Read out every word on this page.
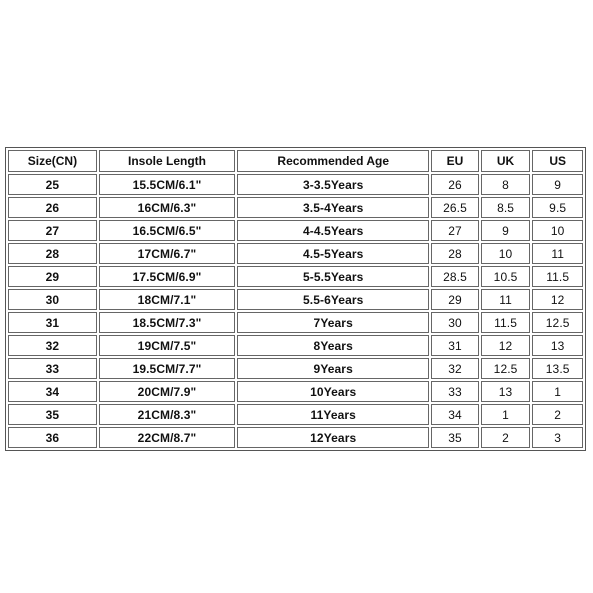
Size(CN)	Insole Length	Recommended Age	EU	UK	US
25	15.5CM/6.1"	3-3.5Years	26	8	9
26	16CM/6.3"	3.5-4Years	26.5	8.5	9.5
27	16.5CM/6.5"	4-4.5Years	27	9	10
28	17CM/6.7"	4.5-5Years	28	10	11
29	17.5CM/6.9"	5-5.5Years	28.5	10.5	11.5
30	18CM/7.1"	5.5-6Years	29	11	12
31	18.5CM/7.3"	7Years	30	11.5	12.5
32	19CM/7.5"	8Years	31	12	13
33	19.5CM/7.7"	9Years	32	12.5	13.5
34	20CM/7.9"	10Years	33	13	1
35	21CM/8.3"	11Years	34	1	2
36	22CM/8.7"	12Years	35	2	3
